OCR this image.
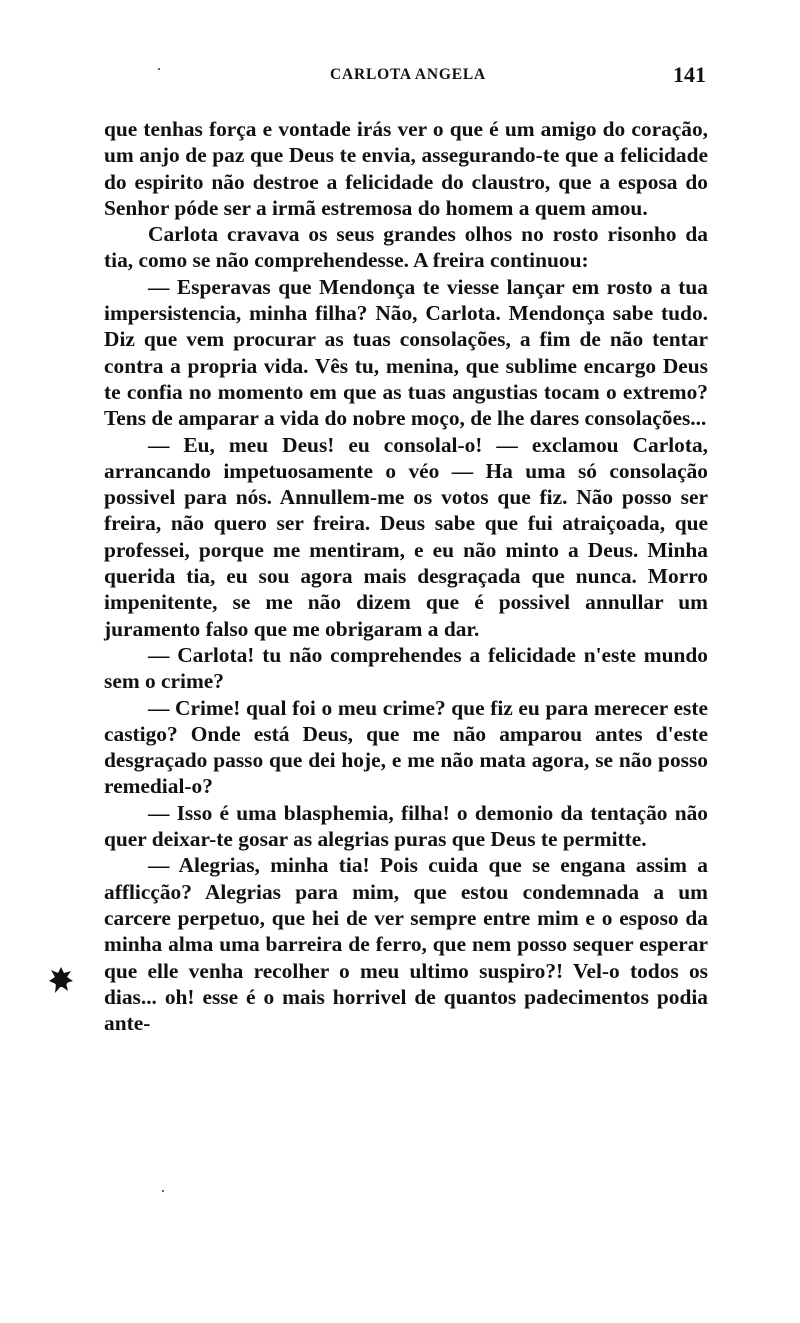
CARLOTA ANGELA	141

que tenhas força e vontade irás ver o que é um amigo do coração, um anjo de paz que Deus te envia, assegurando-te que a felicidade do espirito não destroe a felicidade do claustro, que a esposa do Senhor póde ser a irmã estremosa do homem a quem amou.

Carlota cravava os seus grandes olhos no rosto risonho da tia, como se não comprehendesse. A freira continuou:

— Esperavas que Mendonça te viesse lançar em rosto a tua impersistencia, minha filha? Não, Carlota. Mendonça sabe tudo. Diz que vem procurar as tuas consolações, a fim de não tentar contra a propria vida. Vês tu, menina, que sublime encargo Deus te confia no momento em que as tuas angustias tocam o extremo? Tens de amparar a vida do nobre moço, de lhe dares consolações...

— Eu, meu Deus! eu consolal-o! — exclamou Carlota, arrancando impetuosamente o véo — Ha uma só consolação possivel para nós. Annullem-me os votos que fiz. Não posso ser freira, não quero ser freira. Deus sabe que fui atraiçoada, que professei, porque me mentiram, e eu não minto a Deus. Minha querida tia, eu sou agora mais desgraçada que nunca. Morro impenitente, se me não dizem que é possivel annullar um juramento falso que me obrigaram a dar.

— Carlota! tu não comprehendes a felicidade n'este mundo sem o crime?

— Crime! qual foi o meu crime? que fiz eu para merecer este castigo? Onde está Deus, que me não amparou antes d'este desgraçado passo que dei hoje, e me não mata agora, se não posso remedial-o?

— Isso é uma blasphemia, filha! o demonio da tentação não quer deixar-te gosar as alegrias puras que Deus te permitte.

— Alegrias, minha tia! Pois cuida que se engana assim a afflicção? Alegrias para mim, que estou condemnada a um carcere perpetuo, que hei de ver sempre entre mim e o esposo da minha alma uma barreira de ferro, que nem posso sequer esperar que elle venha recolher o meu ultimo suspiro?! Vel-o todos os dias... oh! esse é o mais horrivel de quantos padecimentos podia ante-
